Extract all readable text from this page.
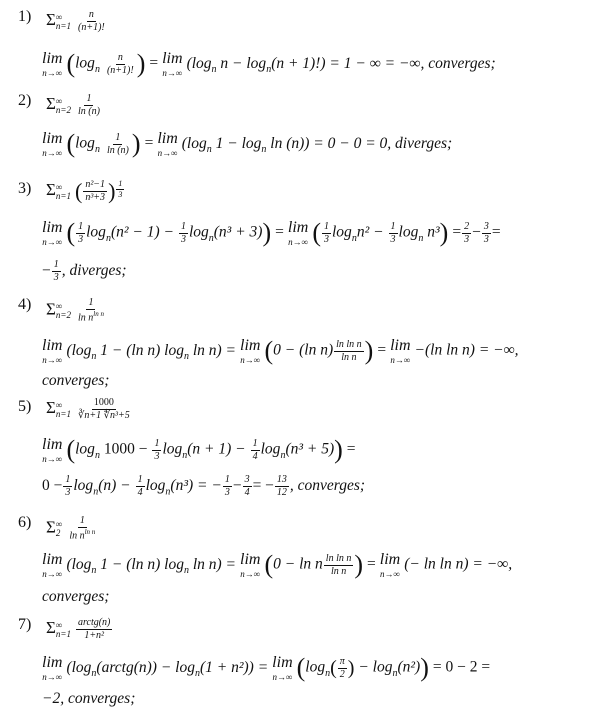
1) Σ ∞
n=1
$\frac{n}{(n+1)!}$
lim
n→∞ ($\log_n \frac{n}{(n+1)!}$ ) = lim
n→∞
($\log_n$ $n - \log_n(n + 1)!) = 1$ − ∞ = −∞, converges;
2) Σ ∞
n=2
$\frac{1}{\ln (n)}$
lim
n→∞ ($\log_n \frac{1}{\ln (n)}$ ) = lim
n→∞
($\log_n$ $1 - \log_n \ln (n)) = 0 - 0 = 0$, diverges;
3) Σ ∞
n=1 ( $\frac{\text{n²−1}}{\text{n³+3}}$ ) $\frac{1}{3}$
lim
n→∞ ( $\frac{1}{3} \log_n(n^2 - 1) - \frac{1}{3} \log_n(n^3 + 3)) = \lim$
n→∞ ( $\frac{1}{3} \log_nn^2 - \frac{1}{3} \log_n n^3) = \frac{2}{3} - \frac{3}{3}$ =
− $\frac{1}{3}$ , diverges;
4) Σ ∞
n=2
$\frac{1}{\ln n^{ln n}}$
lim
n→∞
($\log_n$ 1 − (ln n) $\log_n \ln n) = \lim$
n→∞ (0 − (ln $n) \frac{\text{ln ln n}}{\text{ln n}}$ ) = lim
n→∞
−(ln ln n) = −∞,
converges;
5) Σ ∞
n=1
$\frac{1000}{\text{∛n+1 ∜n³+5}}$
lim
n→∞ ($\log_n$ $1000 - \frac{1}{3} \log_n(n + 1) - \frac{1}{4} \log_n(n^3 + 5)$) =
$0 - \frac{1}{3} \log_n(n) - \frac{1}{4} \log_n(n^3)$ = − $\frac{1}{3} - \frac{3}{4}$ = − $\frac{13}{12}$ , converges;
6) Σ ∞
2
$\frac{1}{\ln n^{ln n}}$
lim
n→∞
($\log_n$ 1 − (ln n) $\log_n \ln n) = \lim$
n→∞ (0 − ln n $\frac{\text{ln ln n}}{\text{ln n}}$ ) = lim
n→∞
(− ln ln n) = −∞,
converges;
7) Σ ∞
n=1
$\frac{\text{arctg(n)}}{\text{1+n²}}$
lim
n→∞
$(\log_n(arctg(n)) - \log_n(1 + n^2)) = \lim$
n→∞ ($\log_n( \frac{\pi}{2}$ ) − $\log_n(n^2)) = 0 - 2$ =
−2, converges;
